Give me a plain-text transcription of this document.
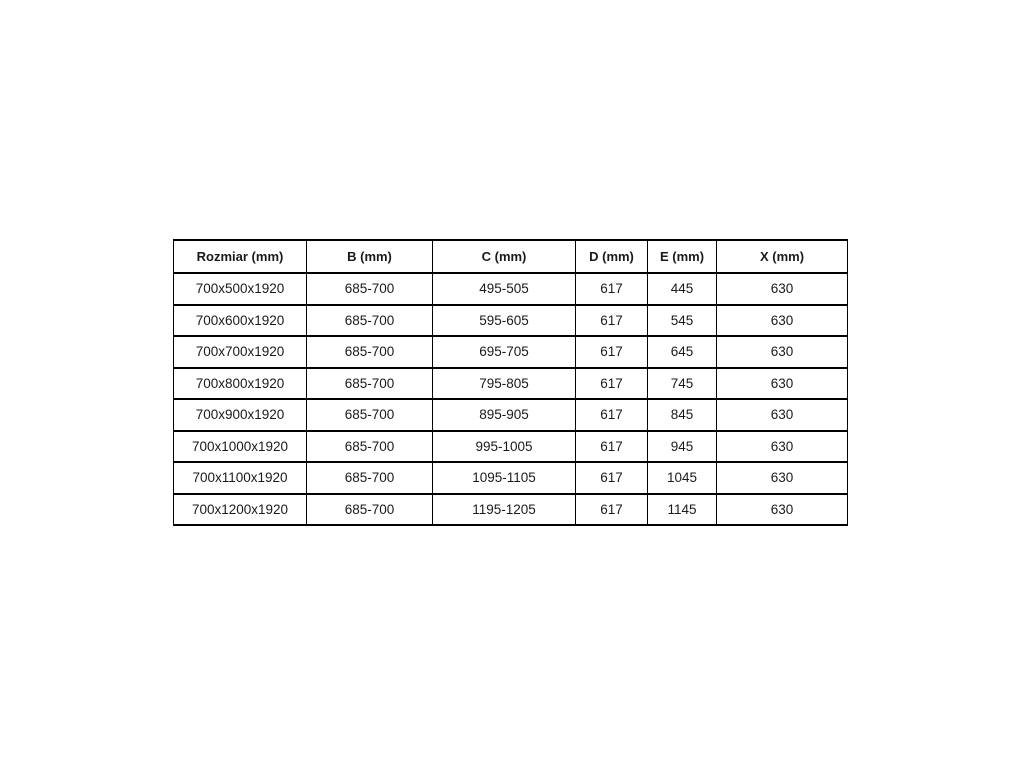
Rozmiar (mm)	B (mm)	C (mm)	D (mm)	E (mm)	X (mm)
700x500x1920	685-700	495-505	617	445	630
700x600x1920	685-700	595-605	617	545	630
700x700x1920	685-700	695-705	617	645	630
700x800x1920	685-700	795-805	617	745	630
700x900x1920	685-700	895-905	617	845	630
700x1000x1920	685-700	995-1005	617	945	630
700x1100x1920	685-700	1095-1105	617	1045	630
700x1200x1920	685-700	1195-1205	617	1145	630
